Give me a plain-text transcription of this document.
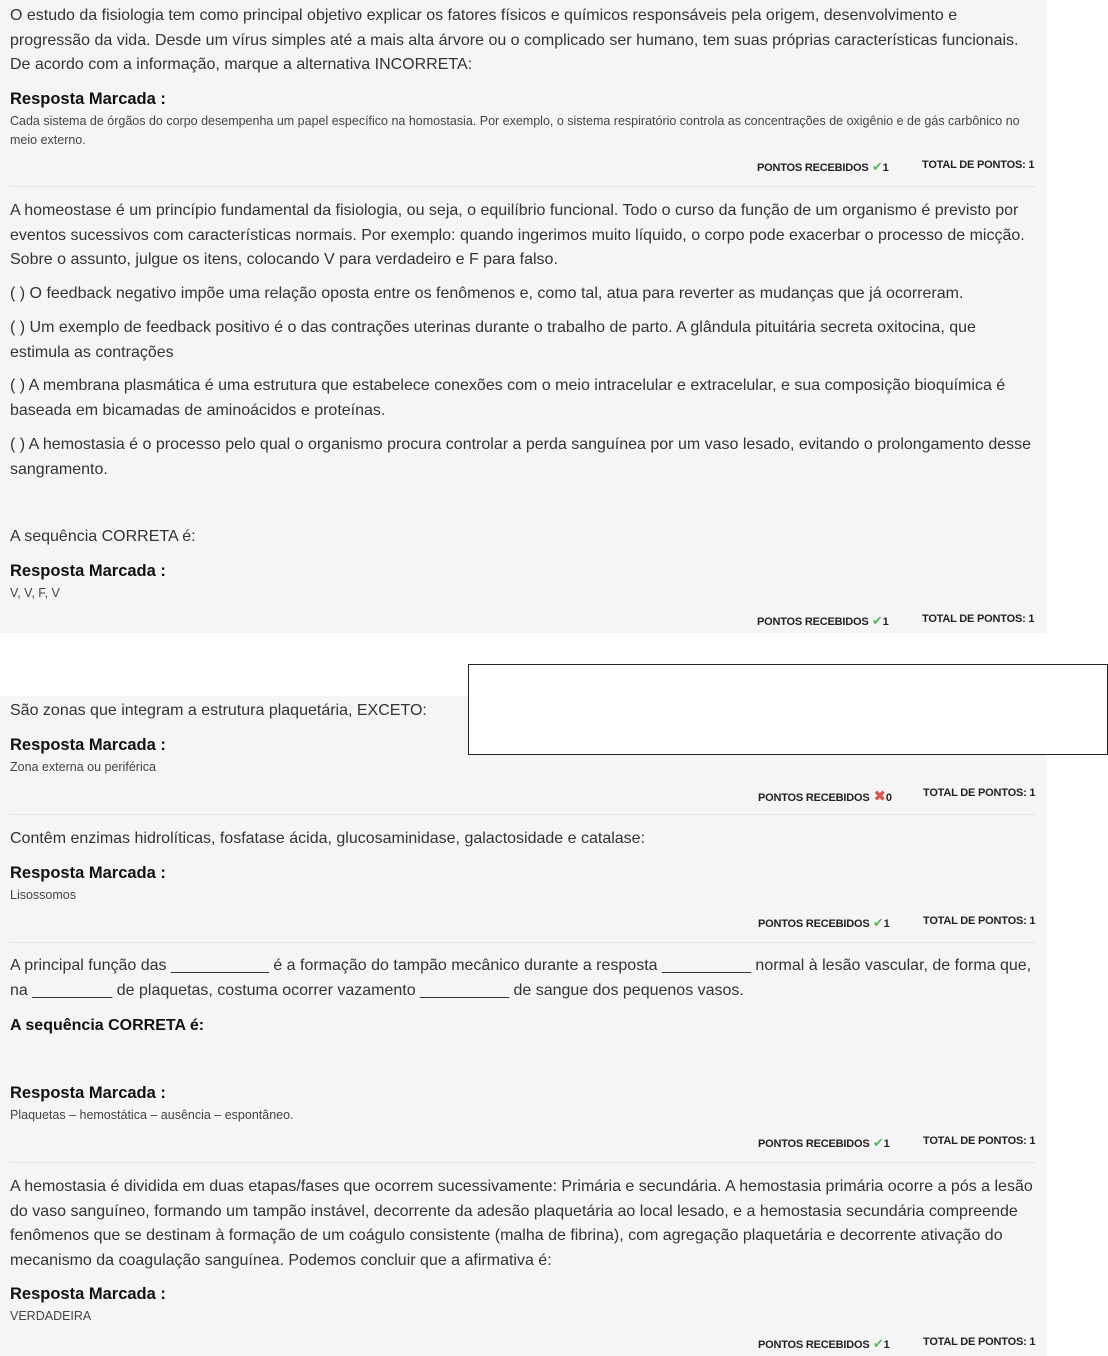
O estudo da fisiologia tem como principal objetivo explicar os fatores físicos e químicos responsáveis pela origem, desenvolvimento e progressão da vida. Desde um vírus simples até a mais alta árvore ou o complicado ser humano, tem suas próprias características funcionais. De acordo com a informação, marque a alternativa INCORRETA:

Resposta Marcada :
Cada sistema de órgãos do corpo desempenha um papel específico na homostasia. Por exemplo, o sistema respiratório controla as concentrações de oxigênio e de gás carbônico no meio externo.
PONTOS RECEBIDOS ✔1	TOTAL DE PONTOS: 1

A homeostase é um princípio fundamental da fisiologia, ou seja, o equilíbrio funcional. Todo o curso da função de um organismo é previsto por eventos sucessivos com características normais. Por exemplo: quando ingerimos muito líquido, o corpo pode exacerbar o processo de micção. Sobre o assunto, julgue os itens, colocando V para verdadeiro e F para falso.

( ) O feedback negativo impõe uma relação oposta entre os fenômenos e, como tal, atua para reverter as mudanças que já ocorreram.

( ) Um exemplo de feedback positivo é o das contrações uterinas durante o trabalho de parto. A glândula pituitária secreta oxitocina, que estimula as contrações

( ) A membrana plasmática é uma estrutura que estabelece conexões com o meio intracelular e extracelular, e sua composição bioquímica é baseada em bicamadas de aminoácidos e proteínas.

( ) A hemostasia é o processo pelo qual o organismo procura controlar a perda sanguínea por um vaso lesado, evitando o prolongamento desse sangramento.

A sequência CORRETA é:

Resposta Marcada :
V, V, F, V
PONTOS RECEBIDOS ✔1	TOTAL DE PONTOS: 1

São zonas que integram a estrutura plaquetária, EXCETO:

Resposta Marcada :
Zona externa ou periférica
PONTOS RECEBIDOS ✖0	TOTAL DE PONTOS: 1

Contêm enzimas hidrolíticas, fosfatase ácida, glucosaminidase, galactosidade e catalase:

Resposta Marcada :
Lisossomos
PONTOS RECEBIDOS ✔1	TOTAL DE PONTOS: 1

A principal função das ___________ é a formação do tampão mecânico durante a resposta __________ normal à lesão vascular, de forma que, na _________ de plaquetas, costuma ocorrer vazamento __________ de sangue dos pequenos vasos.

A sequência CORRETA é:

Resposta Marcada :
Plaquetas – hemostática – ausência – espontâneo.
PONTOS RECEBIDOS ✔1	TOTAL DE PONTOS: 1

A hemostasia é dividida em duas etapas/fases que ocorrem sucessivamente: Primária e secundária. A hemostasia primária ocorre a pós a lesão do vaso sanguíneo, formando um tampão instável, decorrente da adesão plaquetária ao local lesado, e a hemostasia secundária compreende fenômenos que se destinam à formação de um coágulo consistente (malha de fibrina), com agregação plaquetária e decorrente ativação do mecanismo da coagulação sanguínea. Podemos concluir que a afirmativa é:

Resposta Marcada :
VERDADEIRA
PONTOS RECEBIDOS ✔1	TOTAL DE PONTOS: 1
